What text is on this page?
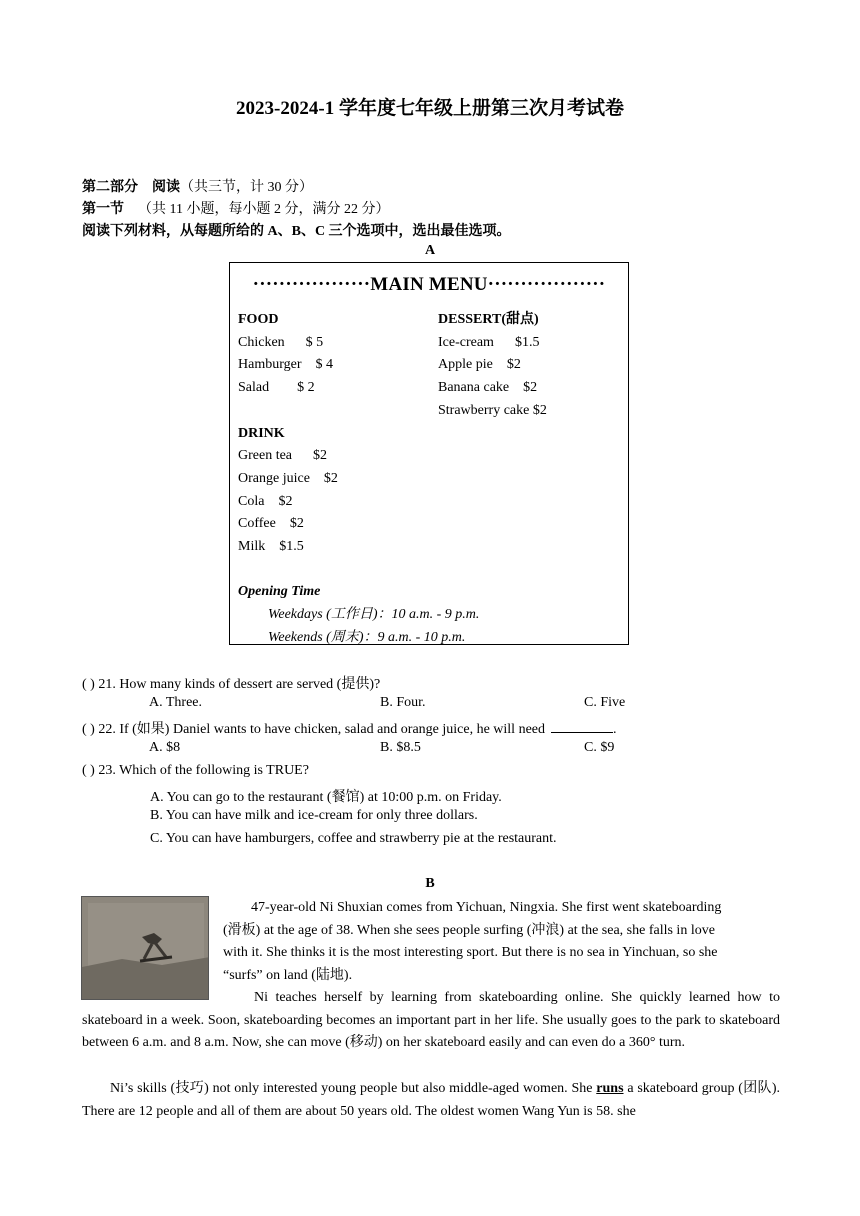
2023-2024-1 学年度七年级上册第三次月考试卷
第二部分　阅读（共三节，计 30 分）
第一节 （共 11 小题，每小题 2 分，满分 22 分）
阅读下列材料，从每题所给的 A、B、C 三个选项中，选出最佳选项。
A
··················MAIN MENU··················
FOOD
Chicken      $ 5
Hamburger    $ 4
Salad        $ 2

DRINK
Green tea      $2
Orange juice    $2
Cola    $2
Coffee    $2
Milk    $1.5

Opening Time
Weekdays (工作日)：10 a.m. - 9 p.m.
Weekends (周末)：9 a.m. - 10 p.m.
DESSERT(甜点)
Ice-cream      $1.5
Apple pie    $2
Banana cake    $2
Strawberry cake $2
( ) 21. How many kinds of dessert are served (提供)?
A. Three.	B. Four.	C. Five
( ) 22. If (如果) Daniel wants to have chicken, salad and orange juice, he will need	.
A. $8	B. $8.5	C. $9
( ) 23. Which of the following is TRUE?
A. You can go to the restaurant (餐馆) at 10:00 p.m. on Friday.
B. You can have milk and ice-cream for only three dollars.
C. You can have hamburgers, coffee and strawberry pie at the restaurant.
B
47-year-old Ni Shuxian comes from Yichuan, Ningxia. She first went skateboarding
(滑板) at the age of 38. When she sees people surfing (冲浪) at the sea, she falls in love
with it. She thinks it is the most interesting sport. But there is no sea in Yinchuan, so she
“surfs” on land (陆地).
Ni teaches herself by learning from skateboarding online. She quickly learned how to skateboard in a week. Soon, skateboarding becomes an important part in her life. She usually goes to the park to skateboard between 6 a.m. and 8 a.m. Now, she can move (移动) on her skateboard easily and can even do a 360° turn.
Ni’s skills (技巧) not only interested young people but also middle-aged women. She runs a skateboard group (团队). There are 12 people and all of them are about 50 years old. The oldest women Wang Yun is 58. she
